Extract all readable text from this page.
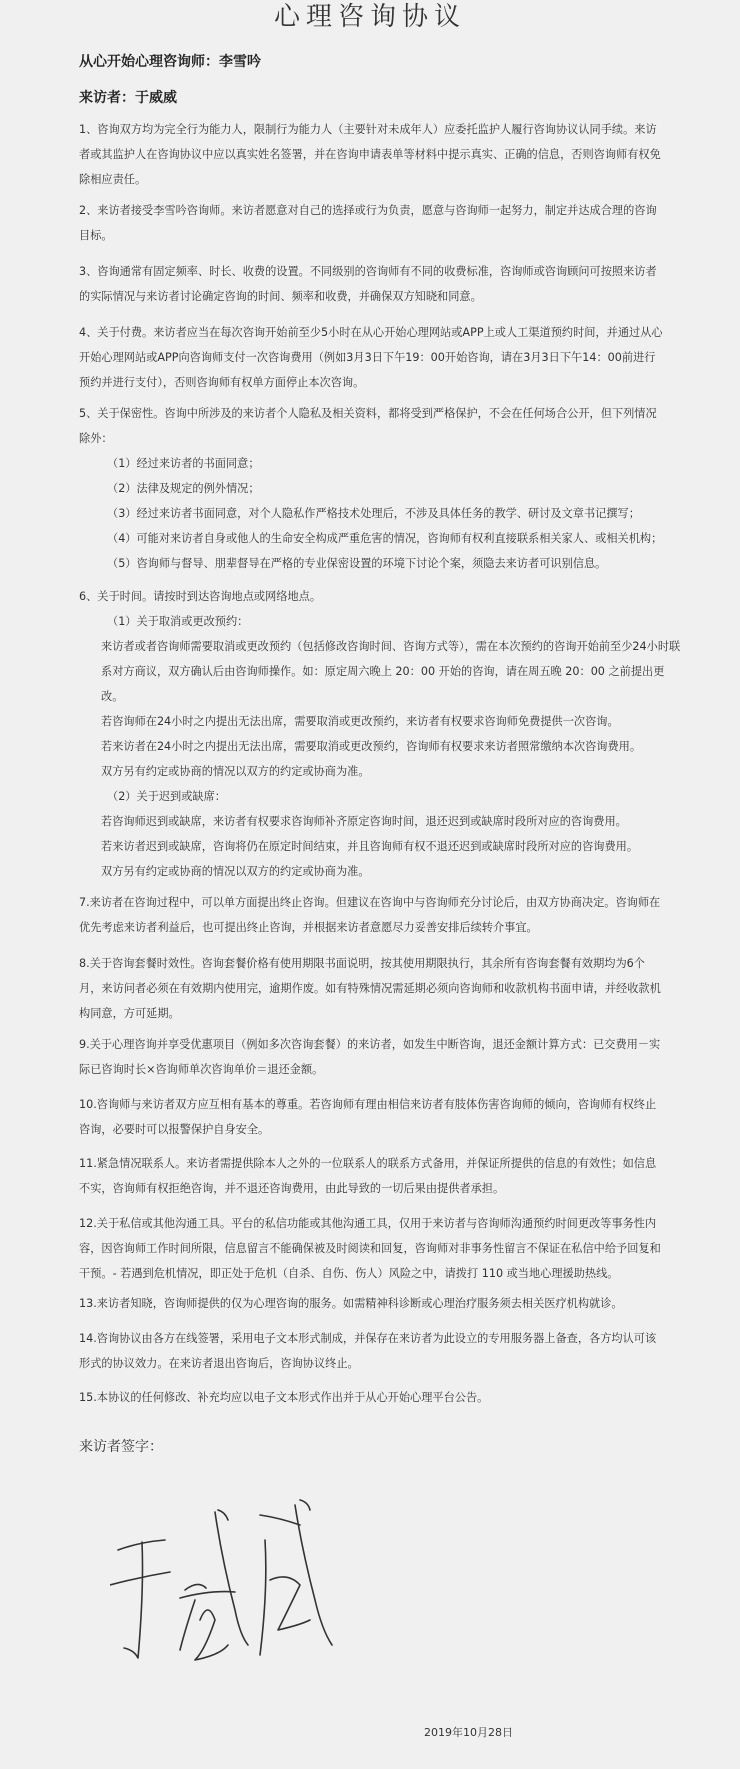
心理咨询协议
从心开始心理咨询师：李雪吟
来访者：于威威
1、咨询双方均为完全行为能力人，限制行为能力人（主要针对未成年人）应委托监护人履行咨询协议认同手续。来访者或其监护人在咨询协议中应以真实姓名签署，并在咨询申请表单等材料中提示真实、正确的信息，否则咨询师有权免除相应责任。
2、来访者接受李雪吟咨询师。来访者愿意对自己的选择或行为负责，愿意与咨询师一起努力，制定并达成合理的咨询目标。
3、咨询通常有固定频率、时长、收费的设置。不同级别的咨询师有不同的收费标准，咨询师或咨询顾问可按照来访者的实际情况与来访者讨论确定咨询的时间、频率和收费，并确保双方知晓和同意。
4、关于付费。来访者应当在每次咨询开始前至少5小时在从心开始心理网站或APP上或人工渠道预约时间，并通过从心开始心理网站或APP向咨询师支付一次咨询费用（例如3月3日下午19：00开始咨询，请在3月3日下午14：00前进行预约并进行支付），否则咨询师有权单方面停止本次咨询。
5、关于保密性。咨询中所涉及的来访者个人隐私及相关资料，都将受到严格保护，不会在任何场合公开，但下列情况除外：
（1）经过来访者的书面同意；
（2）法律及规定的例外情况；
（3）经过来访者书面同意，对个人隐私作严格技术处理后，不涉及具体任务的教学、研讨及文章书记撰写；
（4）可能对来访者自身或他人的生命安全构成严重危害的情况，咨询师有权利直接联系相关家人、或相关机构；
（5）咨询师与督导、朋辈督导在严格的专业保密设置的环境下讨论个案，须隐去来访者可识别信息。
6、关于时间。请按时到达咨询地点或网络地点。
（1）关于取消或更改预约：
来访者或者咨询师需要取消或更改预约（包括修改咨询时间、咨询方式等），需在本次预约的咨询开始前至少24小时联系对方商议，双方确认后由咨询师操作。如：原定周六晚上 20：00 开始的咨询，请在周五晚 20：00 之前提出更改。
若咨询师在24小时之内提出无法出席，需要取消或更改预约，来访者有权要求咨询师免费提供一次咨询。
若来访者在24小时之内提出无法出席，需要取消或更改预约，咨询师有权要求来访者照常缴纳本次咨询费用。
双方另有约定或协商的情况以双方的约定或协商为准。
（2）关于迟到或缺席：
若咨询师迟到或缺席，来访者有权要求咨询师补齐原定咨询时间，退还迟到或缺席时段所对应的咨询费用。
若来访者迟到或缺席，咨询将仍在原定时间结束，并且咨询师有权不退还迟到或缺席时段所对应的咨询费用。
双方另有约定或协商的情况以双方的约定或协商为准。
7.来访者在咨询过程中，可以单方面提出终止咨询。但建议在咨询中与咨询师充分讨论后，由双方协商决定。咨询师在优先考虑来访者利益后，也可提出终止咨询，并根据来访者意愿尽力妥善安排后续转介事宜。
8.关于咨询套餐时效性。咨询套餐价格有使用期限书面说明，按其使用期限执行，其余所有咨询套餐有效期均为6个月，来访问者必须在有效期内使用完，逾期作废。如有特殊情况需延期必须向咨询师和收款机构书面申请，并经收款机构同意，方可延期。
9.关于心理咨询并享受优惠项目（例如多次咨询套餐）的来访者，如发生中断咨询，退还金额计算方式：已交费用－实际已咨询时长×咨询师单次咨询单价＝退还金额。
10.咨询师与来访者双方应互相有基本的尊重。若咨询师有理由相信来访者有肢体伤害咨询师的倾向，咨询师有权终止咨询，必要时可以报警保护自身安全。
11.紧急情况联系人。来访者需提供除本人之外的一位联系人的联系方式备用，并保证所提供的信息的有效性；如信息不实，咨询师有权拒绝咨询，并不退还咨询费用，由此导致的一切后果由提供者承担。
12.关于私信或其他沟通工具。平台的私信功能或其他沟通工具，仅用于来访者与咨询师沟通预约时间更改等事务性内容，因咨询师工作时间所限，信息留言不能确保被及时阅读和回复，咨询师对非事务性留言不保证在私信中给予回复和干预。- 若遇到危机情况，即正处于危机（自杀、自伤、伤人）风险之中，请拨打 110 或当地心理援助热线。
13.来访者知晓，咨询师提供的仅为心理咨询的服务。如需精神科诊断或心理治疗服务须去相关医疗机构就诊。
14.咨询协议由各方在线签署，采用电子文本形式制成，并保存在来访者为此设立的专用服务器上备查，各方均认可该形式的协议效力。在来访者退出咨询后，咨询协议终止。
15.本协议的任何修改、补充均应以电子文本形式作出并于从心开始心理平台公告。
来访者签字：
2019年10月28日
